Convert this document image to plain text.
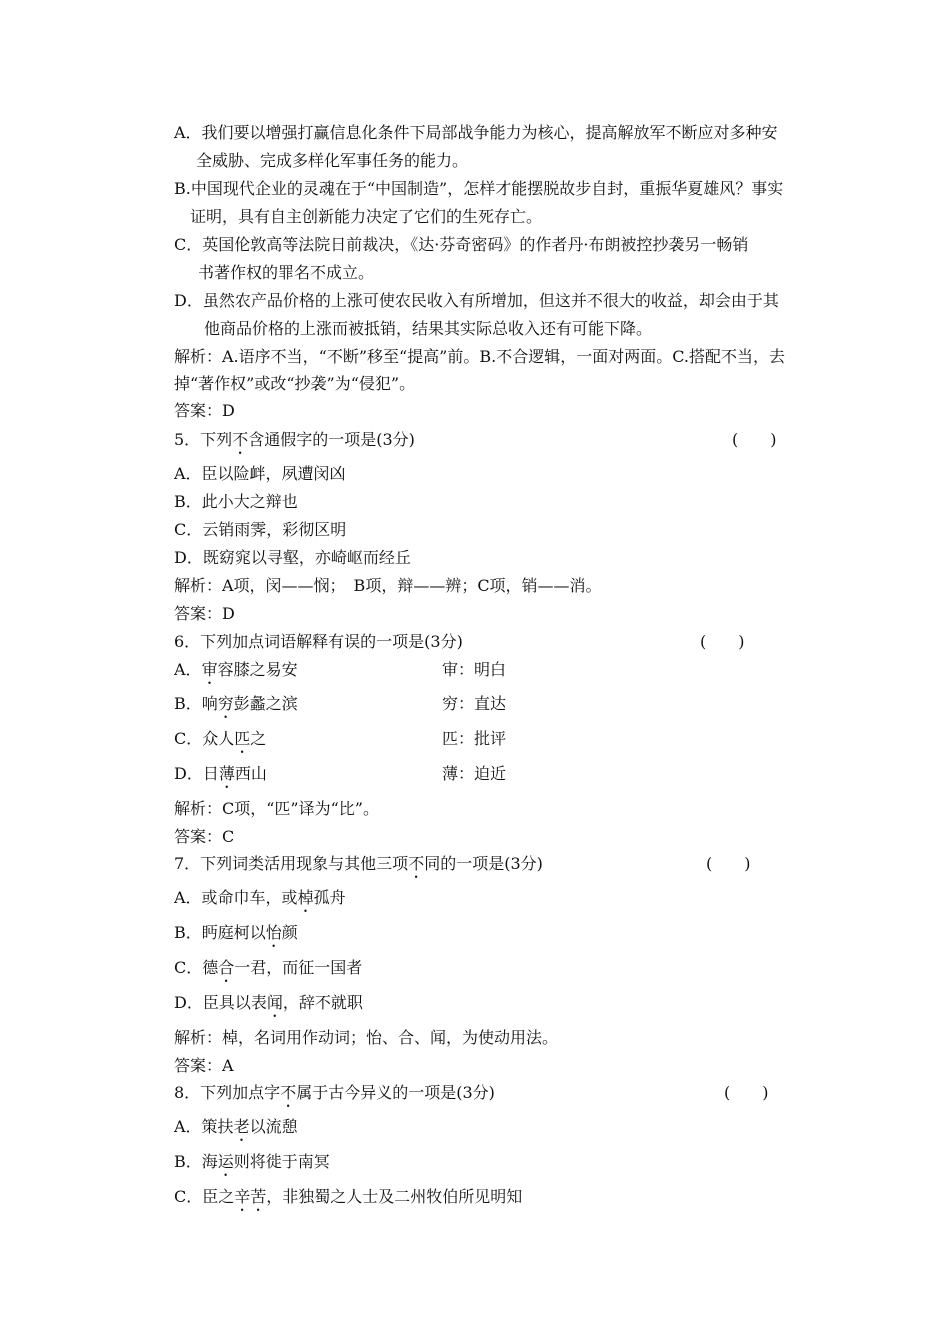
A．我们要以增强打赢信息化条件下局部战争能力为核心，提高解放军不断应对多种安
全威胁、完成多样化军事任务的能力。
B.中国现代企业的灵魂在于“中国制造”，怎样才能摆脱故步自封，重振华夏雄风？事实
证明，具有自主创新能力决定了它们的生死存亡。
C．英国伦敦高等法院日前裁决，《达·芬奇密码》的作者丹·布朗被控抄袭另一畅销
书著作权的罪名不成立。
D．虽然农产品价格的上涨可使农民收入有所增加，但这并不很大的收益，却会由于其
他商品价格的上涨而被抵销，结果其实际总收入还有可能下降。
解析：A.语序不当，“不断”移至“提高”前。B.不合逻辑，一面对两面。C.搭配不当，去
掉“著作权”或改“抄袭”为“侵犯”。
答案：D
5．下列不含通假字的一项是(3分)	(　　)
A．臣以险衅，夙遭闵凶
B．此小大之辩也
C．云销雨霁，彩彻区明
D．既窈窕以寻壑，亦崎岖而经丘
解析：A项，闵——悯；　B项，辩——辨；C项，销——消。
答案：D
6．下列加点词语解释有误的一项是(3分)	(　　)
A．审容膝之易安	审：明白
B．响穷彭蠡之滨	穷：直达
C．众人匹之	匹：批评
D．日薄西山	薄：迫近
解析：C项，“匹”译为“比”。
答案：C
7．下列词类活用现象与其他三项不同的一项是(3分)	(　　)
A．或命巾车，或棹孤舟
B．眄庭柯以怡颜
C．德合一君，而征一国者
D．臣具以表闻，辞不就职
解析：棹，名词用作动词；怡、合、闻，为使动用法。
答案：A
8．下列加点字不属于古今异义的一项是(3分)	(　　)
A．策扶老以流憩
B．海运则将徙于南冥
C．臣之辛苦，非独蜀之人士及二州牧伯所见明知
